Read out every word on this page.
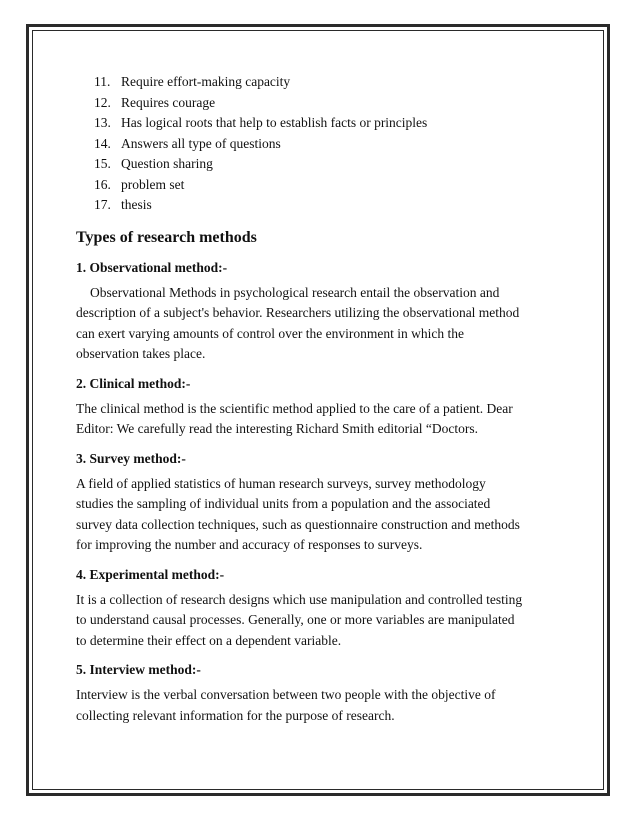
11. Require effort-making capacity
12. Requires courage
13. Has logical roots that help to establish facts or principles
14. Answers all type of questions
15. Question sharing
16. problem set
17. thesis
Types of research methods
1. Observational method:-
Observational Methods in psychological research entail the observation and
description of a subject's behavior. Researchers utilizing the observational method
can exert varying amounts of control over the environment in which the
observation takes place.
2. Clinical method:-
The clinical method is the scientific method applied to the care of a patient. Dear
Editor: We carefully read the interesting Richard Smith editorial “Doctors.
3. Survey method:-
A field of applied statistics of human research surveys, survey methodology
studies the sampling of individual units from a population and the associated
survey data collection techniques, such as questionnaire construction and methods
for improving the number and accuracy of responses to surveys.
4. Experimental method:-
It is a collection of research designs which use manipulation and controlled testing
to understand causal processes. Generally, one or more variables are manipulated
to determine their effect on a dependent variable.
5. Interview method:-
Interview is the verbal conversation between two people with the objective of
collecting relevant information for the purpose of research.
